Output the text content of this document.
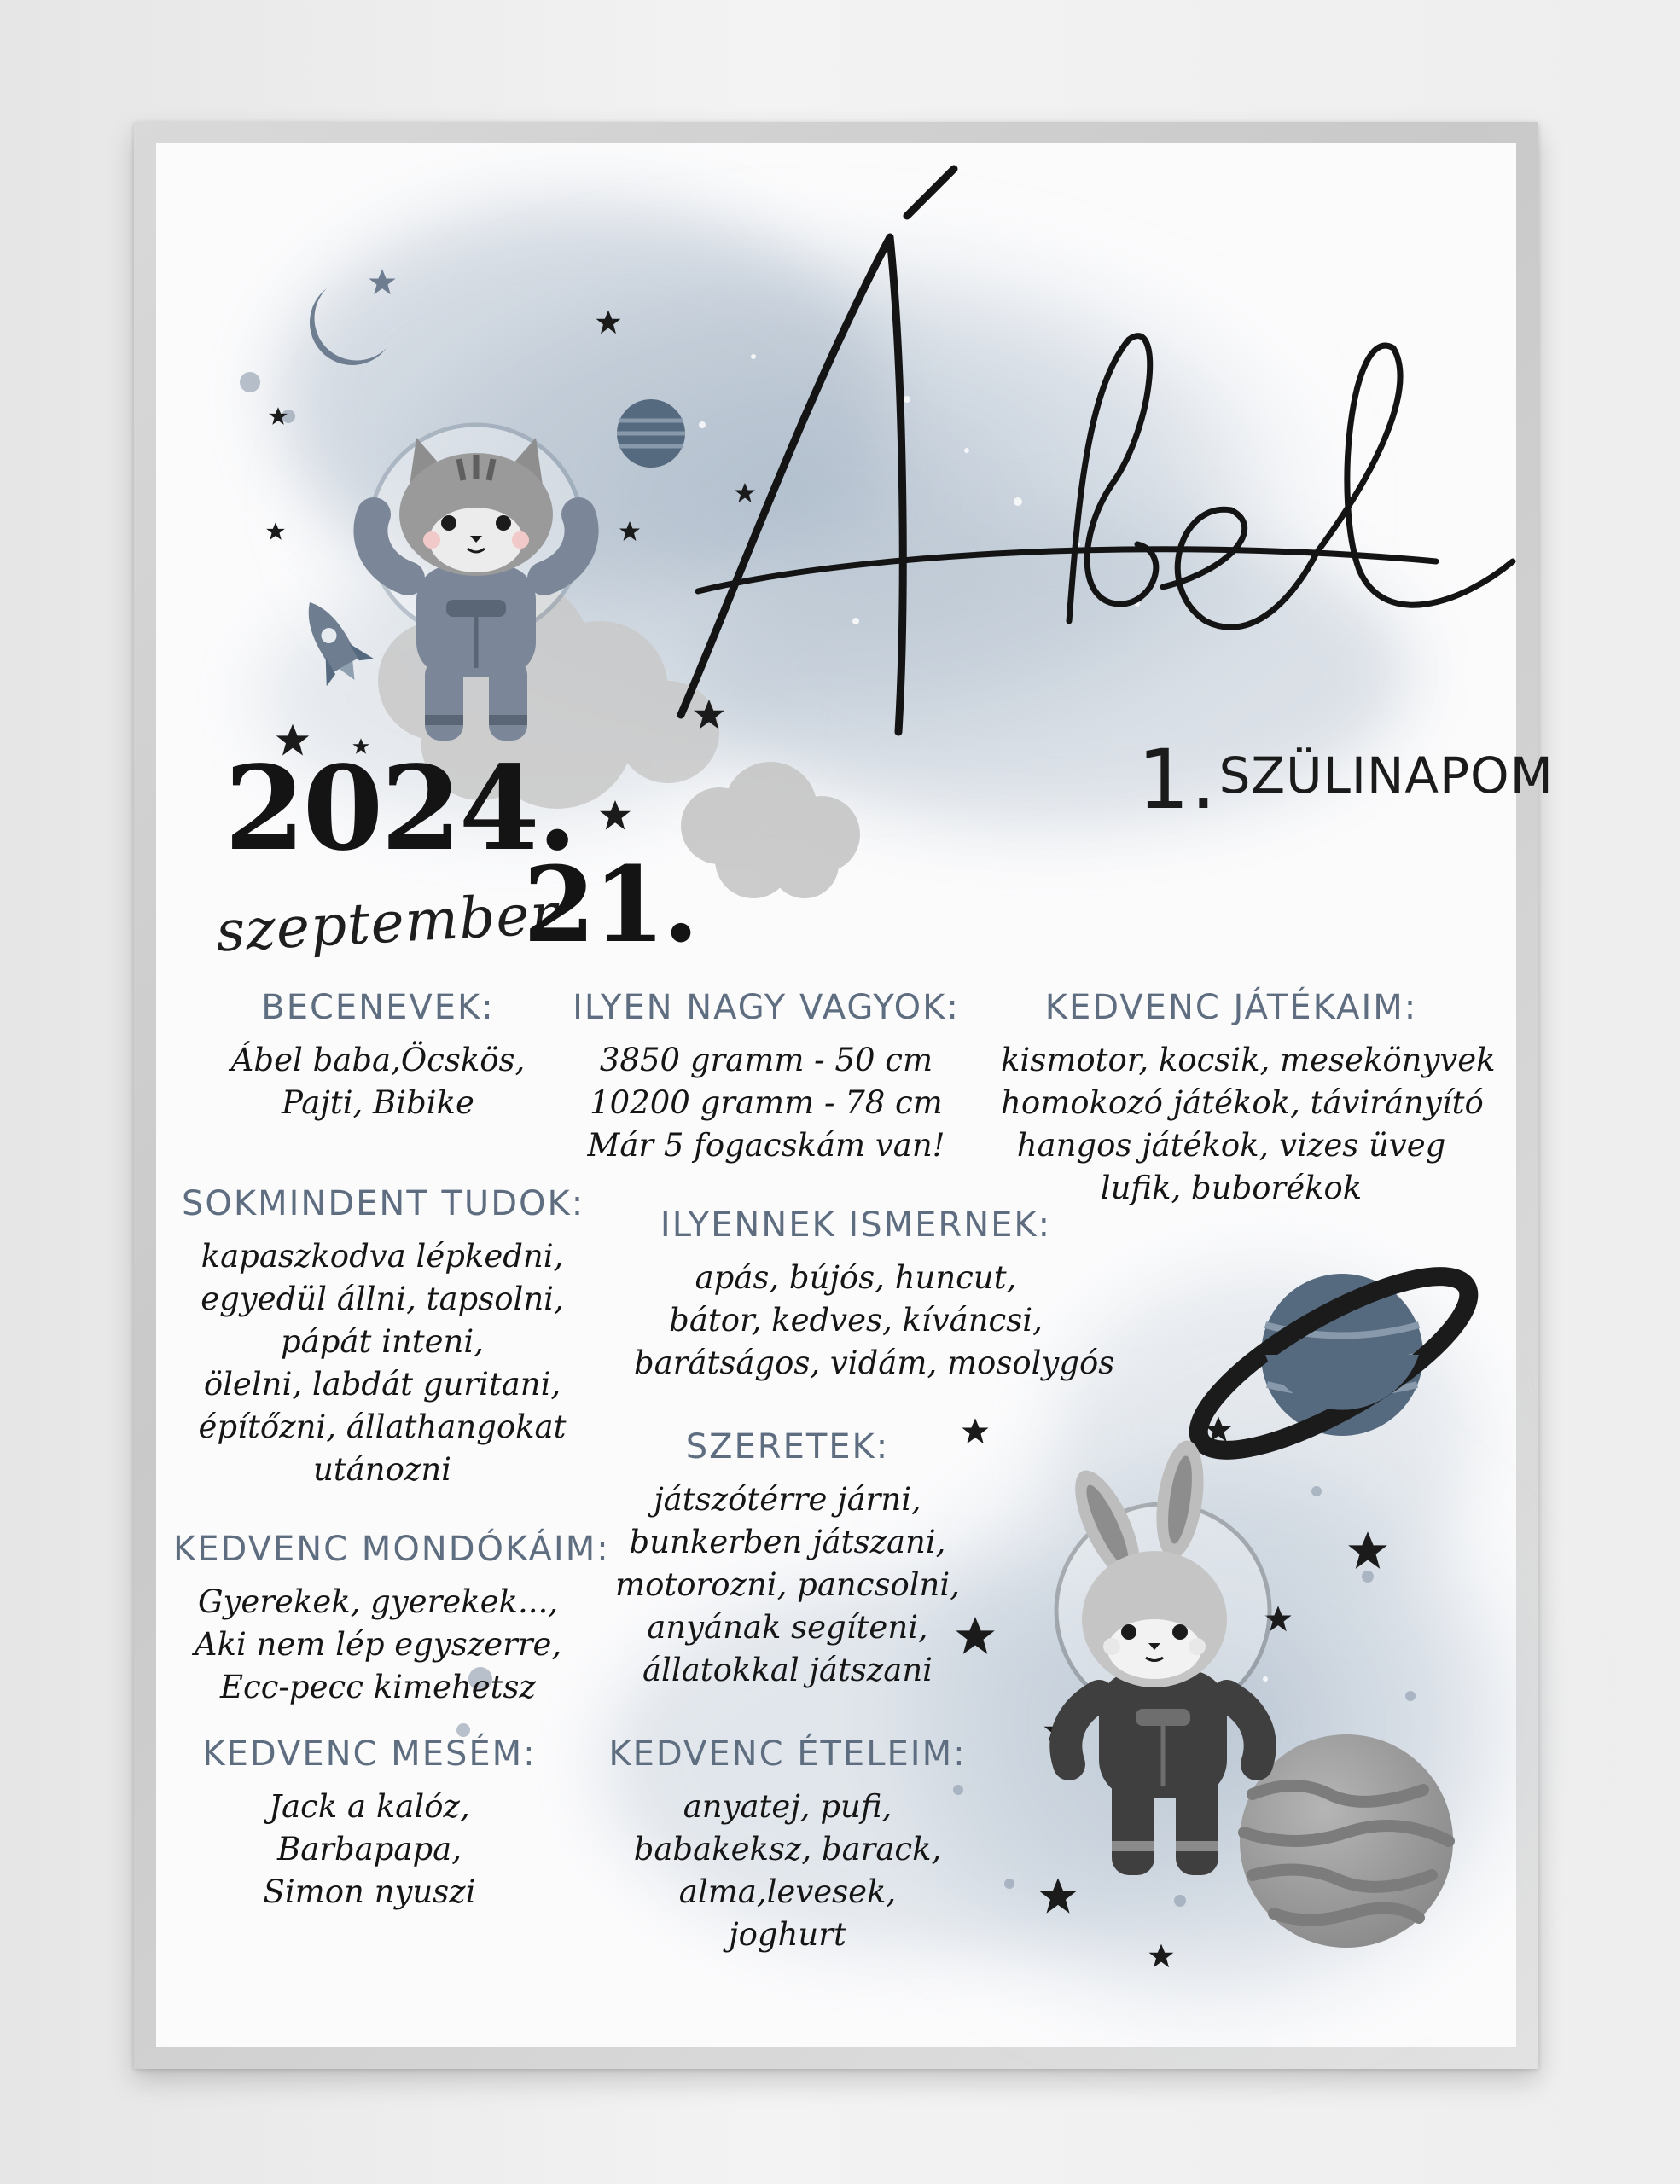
1.SZÜLINAPOM
2024.
szeptember
21.
BECENEVEK:
Ábel baba,Öcskös,
Pajti, Bibike
ILYEN NAGY VAGYOK:
3850 gramm - 50 cm
10200 gramm - 78 cm
Már 5 fogacskám van!
KEDVENC JÁTÉKAIM:
kismotor, kocsik, mesekönyvek
homokozó játékok, távirányító
hangos játékok, vizes üveg
lufik, buborékok
SOKMINDENT TUDOK:
kapaszkodva lépkedni,
egyedül állni, tapsolni,
pápát inteni,
ölelni, labdát guritani,
építőzni, állathangokat
utánozni
ILYENNEK ISMERNEK:
apás, bújós, huncut,
bátor, kedves, kíváncsi,
barátságos, vidám, mosolygós
SZERETEK:
játszótérre járni,
bunkerben játszani,
motorozni, pancsolni,
anyának segíteni,
állatokkal játszani
KEDVENC MONDÓKÁIM:
Gyerekek, gyerekek...,
Aki nem lép egyszerre,
Ecc-pecc kimehetsz
KEDVENC MESÉM:
Jack a kalóz,
Barbapapa,
Simon nyuszi
KEDVENC ÉTELEIM:
anyatej, pufi,
babakeksz, barack,
alma,levesek,
joghurt
